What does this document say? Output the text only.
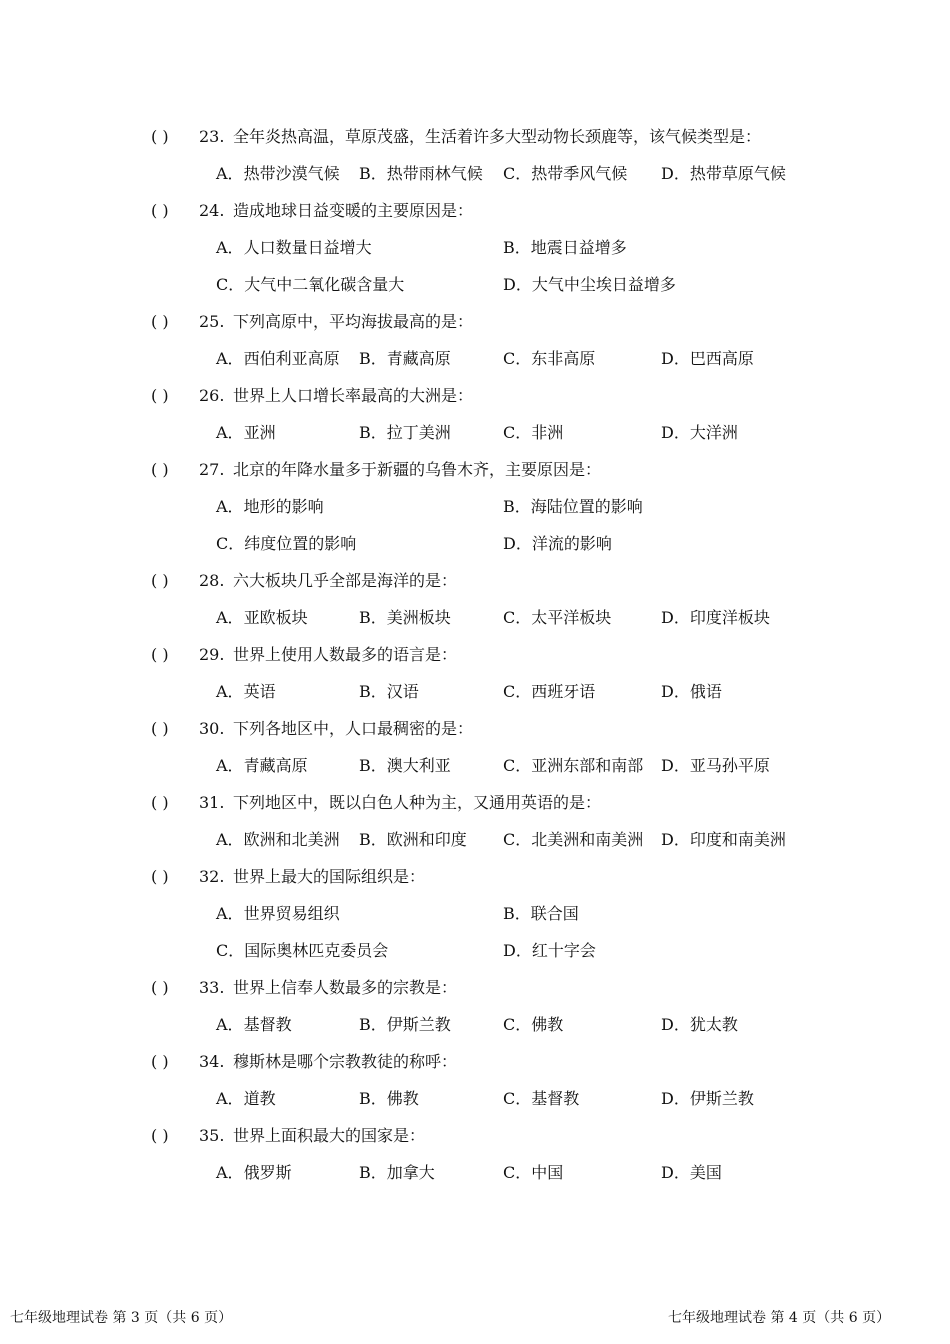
( ) 23. 全年炎热高温，草原茂盛，生活着许多大型动物长颈鹿等，该气候类型是：
A．热带沙漠气候 B．热带雨林气候 C．热带季风气候 D．热带草原气候
( ) 24. 造成地球日益变暖的主要原因是：
A．人口数量日益增大	B．地震日益增多
C．大气中二氧化碳含量大	D．大气中尘埃日益增多
( ) 25. 下列高原中，平均海拔最高的是：
A．西伯利亚高原 B．青藏高原	C．东非高原	D．巴西高原
( ) 26. 世界上人口增长率最高的大洲是：
A．亚洲	B．拉丁美洲	C．非洲	D．大洋洲
( ) 27. 北京的年降水量多于新疆的乌鲁木齐，主要原因是：
A．地形的影响	B．海陆位置的影响
C．纬度位置的影响	D．洋流的影响
( ) 28. 六大板块几乎全部是海洋的是：
A．亚欧板块	B．美洲板块	C．太平洋板块	D．印度洋板块
( ) 29. 世界上使用人数最多的语言是：
A．英语	B．汉语	C．西班牙语	D．俄语
( ) 30. 下列各地区中，人口最稠密的是：
A．青藏高原	B．澳大利亚	C．亚洲东部和南部 D．亚马孙平原
( ) 31. 下列地区中，既以白色人种为主，又通用英语的是：
A．欧洲和北美洲 B．欧洲和印度 C．北美洲和南美洲 D．印度和南美洲
( ) 32. 世界上最大的国际组织是：
A．世界贸易组织	B．联合国
C．国际奥林匹克委员会	D．红十字会
( ) 33. 世界上信奉人数最多的宗教是：
A．基督教	B．伊斯兰教	C．佛教	D．犹太教
( ) 34. 穆斯林是哪个宗教教徒的称呼：
A．道教	B．佛教	C．基督教	D．伊斯兰教
( ) 35. 世界上面积最大的国家是：
A．俄罗斯	B．加拿大	C．中国	D．美国
七年级地理试卷 第 3 页（共 6 页）	七年级地理试卷 第 4 页（共 6 页）
